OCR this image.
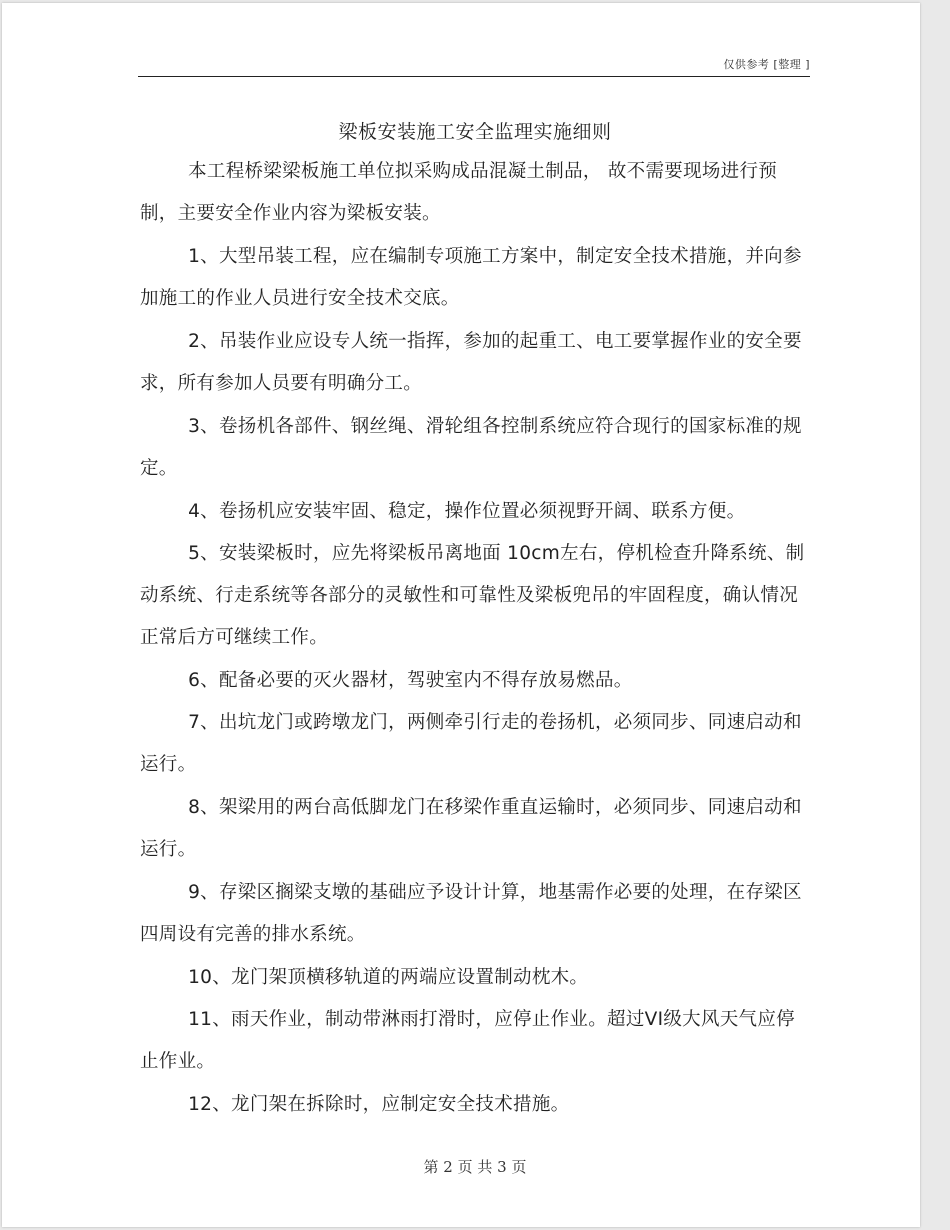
仅供参考 [整理 ]
梁板安装施工安全监理实施细则

本工程桥梁梁板施工单位拟采购成品混凝土制品， 故不需要现场进行预制，主要安全作业内容为梁板安装。

1、大型吊装工程，应在编制专项施工方案中，制定安全技术措施，并向参加施工的作业人员进行安全技术交底。

2、吊装作业应设专人统一指挥，参加的起重工、电工要掌握作业的安全要求，所有参加人员要有明确分工。

3、卷扬机各部件、钢丝绳、滑轮组各控制系统应符合现行的国家标准的规定。

4、卷扬机应安装牢固、稳定，操作位置必须视野开阔、联系方便。

5、安装梁板时，应先将梁板吊离地面 10cm左右，停机检查升降系统、制动系统、行走系统等各部分的灵敏性和可靠性及梁板兜吊的牢固程度，确认情况正常后方可继续工作。

6、配备必要的灭火器材，驾驶室内不得存放易燃品。

7、出坑龙门或跨墩龙门，两侧牵引行走的卷扬机，必须同步、同速启动和运行。

8、架梁用的两台高低脚龙门在移梁作重直运输时，必须同步、同速启动和运行。

9、存梁区搁梁支墩的基础应予设计计算，地基需作必要的处理，在存梁区四周设有完善的排水系统。

10、龙门架顶横移轨道的两端应设置制动枕木。

11、雨天作业，制动带淋雨打滑时，应停止作业。超过VI级大风天气应停止作业。

12、龙门架在拆除时，应制定安全技术措施。

第 2 页 共 3 页
